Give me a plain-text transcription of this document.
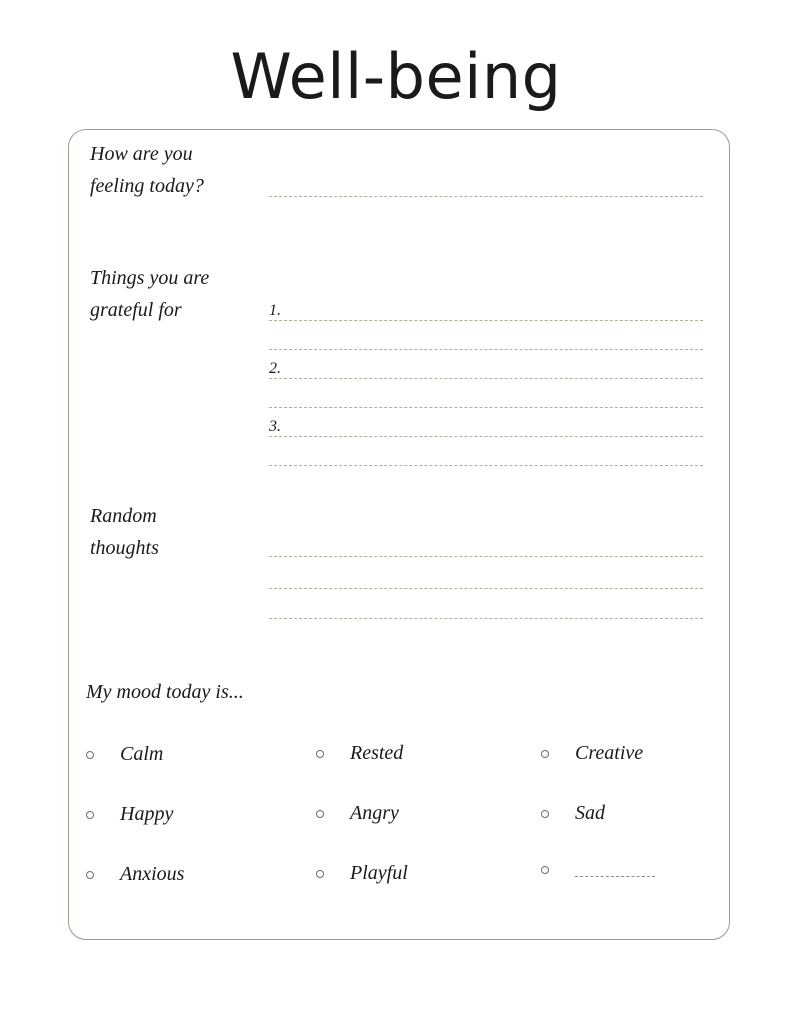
Well-being
How are you feeling today?
Things you are grateful for	1.
2.
3.
Random thoughts
My mood today is...
Calm	Rested	Creative
Happy	Angry	Sad
Anxious	Playful
